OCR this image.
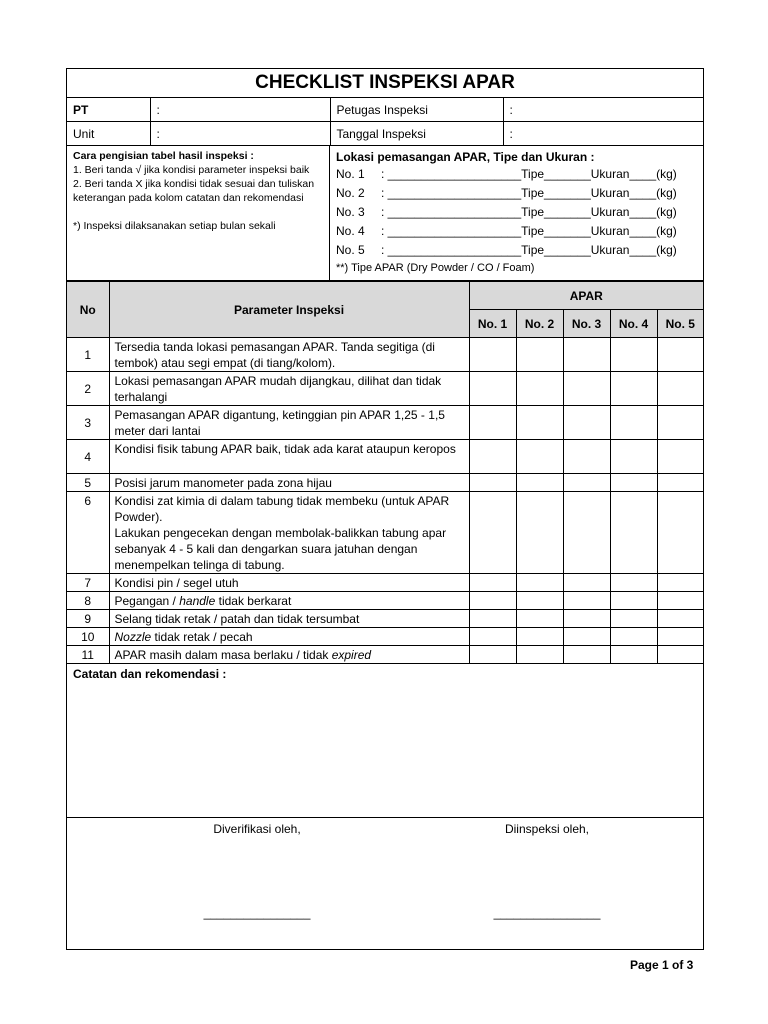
CHECKLIST INSPEKSI APAR
PT	:	Petugas Inspeksi	:
Unit	:	Tanggal Inspeksi	:
Cara pengisian tabel hasil inspeksi :
1. Beri tanda √ jika kondisi parameter inspeksi baik
2. Beri tanda X jika kondisi tidak sesuai dan tuliskan keterangan pada kolom catatan dan rekomendasi
*) Inspeksi dilaksanakan setiap bulan sekali
Lokasi pemasangan APAR, Tipe dan Ukuran :
No. 1	: ____________________Tipe_______Ukuran____(kg)
No. 2	: ____________________Tipe_______Ukuran____(kg)
No. 3	: ____________________Tipe_______Ukuran____(kg)
No. 4	: ____________________Tipe_______Ukuran____(kg)
No. 5	: ____________________Tipe_______Ukuran____(kg)
**) Tipe APAR (Dry Powder / CO / Foam)
No	Parameter Inspeksi	APAR				
		No. 1	No. 2	No. 3	No. 4	No. 5
1	Tersedia tanda lokasi pemasangan APAR. Tanda segitiga (di tembok) atau segi empat (di tiang/kolom).					
2	Lokasi pemasangan APAR mudah dijangkau, dilihat dan tidak terhalangi					
3	Pemasangan APAR digantung, ketinggian pin APAR 1,25 - 1,5 meter dari lantai					
4	Kondisi fisik tabung APAR baik, tidak ada karat ataupun keropos					
5	Posisi jarum manometer pada zona hijau					
6	Kondisi zat kimia di dalam tabung tidak membeku (untuk APAR Powder).
Lakukan pengecekan dengan membolak-balikkan tabung apar sebanyak 4 - 5 kali dan dengarkan suara jatuhan dengan menempelkan telinga di tabung.					
7	Kondisi pin / segel utuh					
8	Pegangan / handle tidak berkarat					
9	Selang tidak retak / patah dan tidak tersumbat					
10	Nozzle tidak retak / pecah					
11	APAR masih dalam masa berlaku / tidak expired					
Catatan dan rekomendasi :
Diverifikasi oleh,
________________
Diinspeksi oleh,
________________
Page 1 of 3
